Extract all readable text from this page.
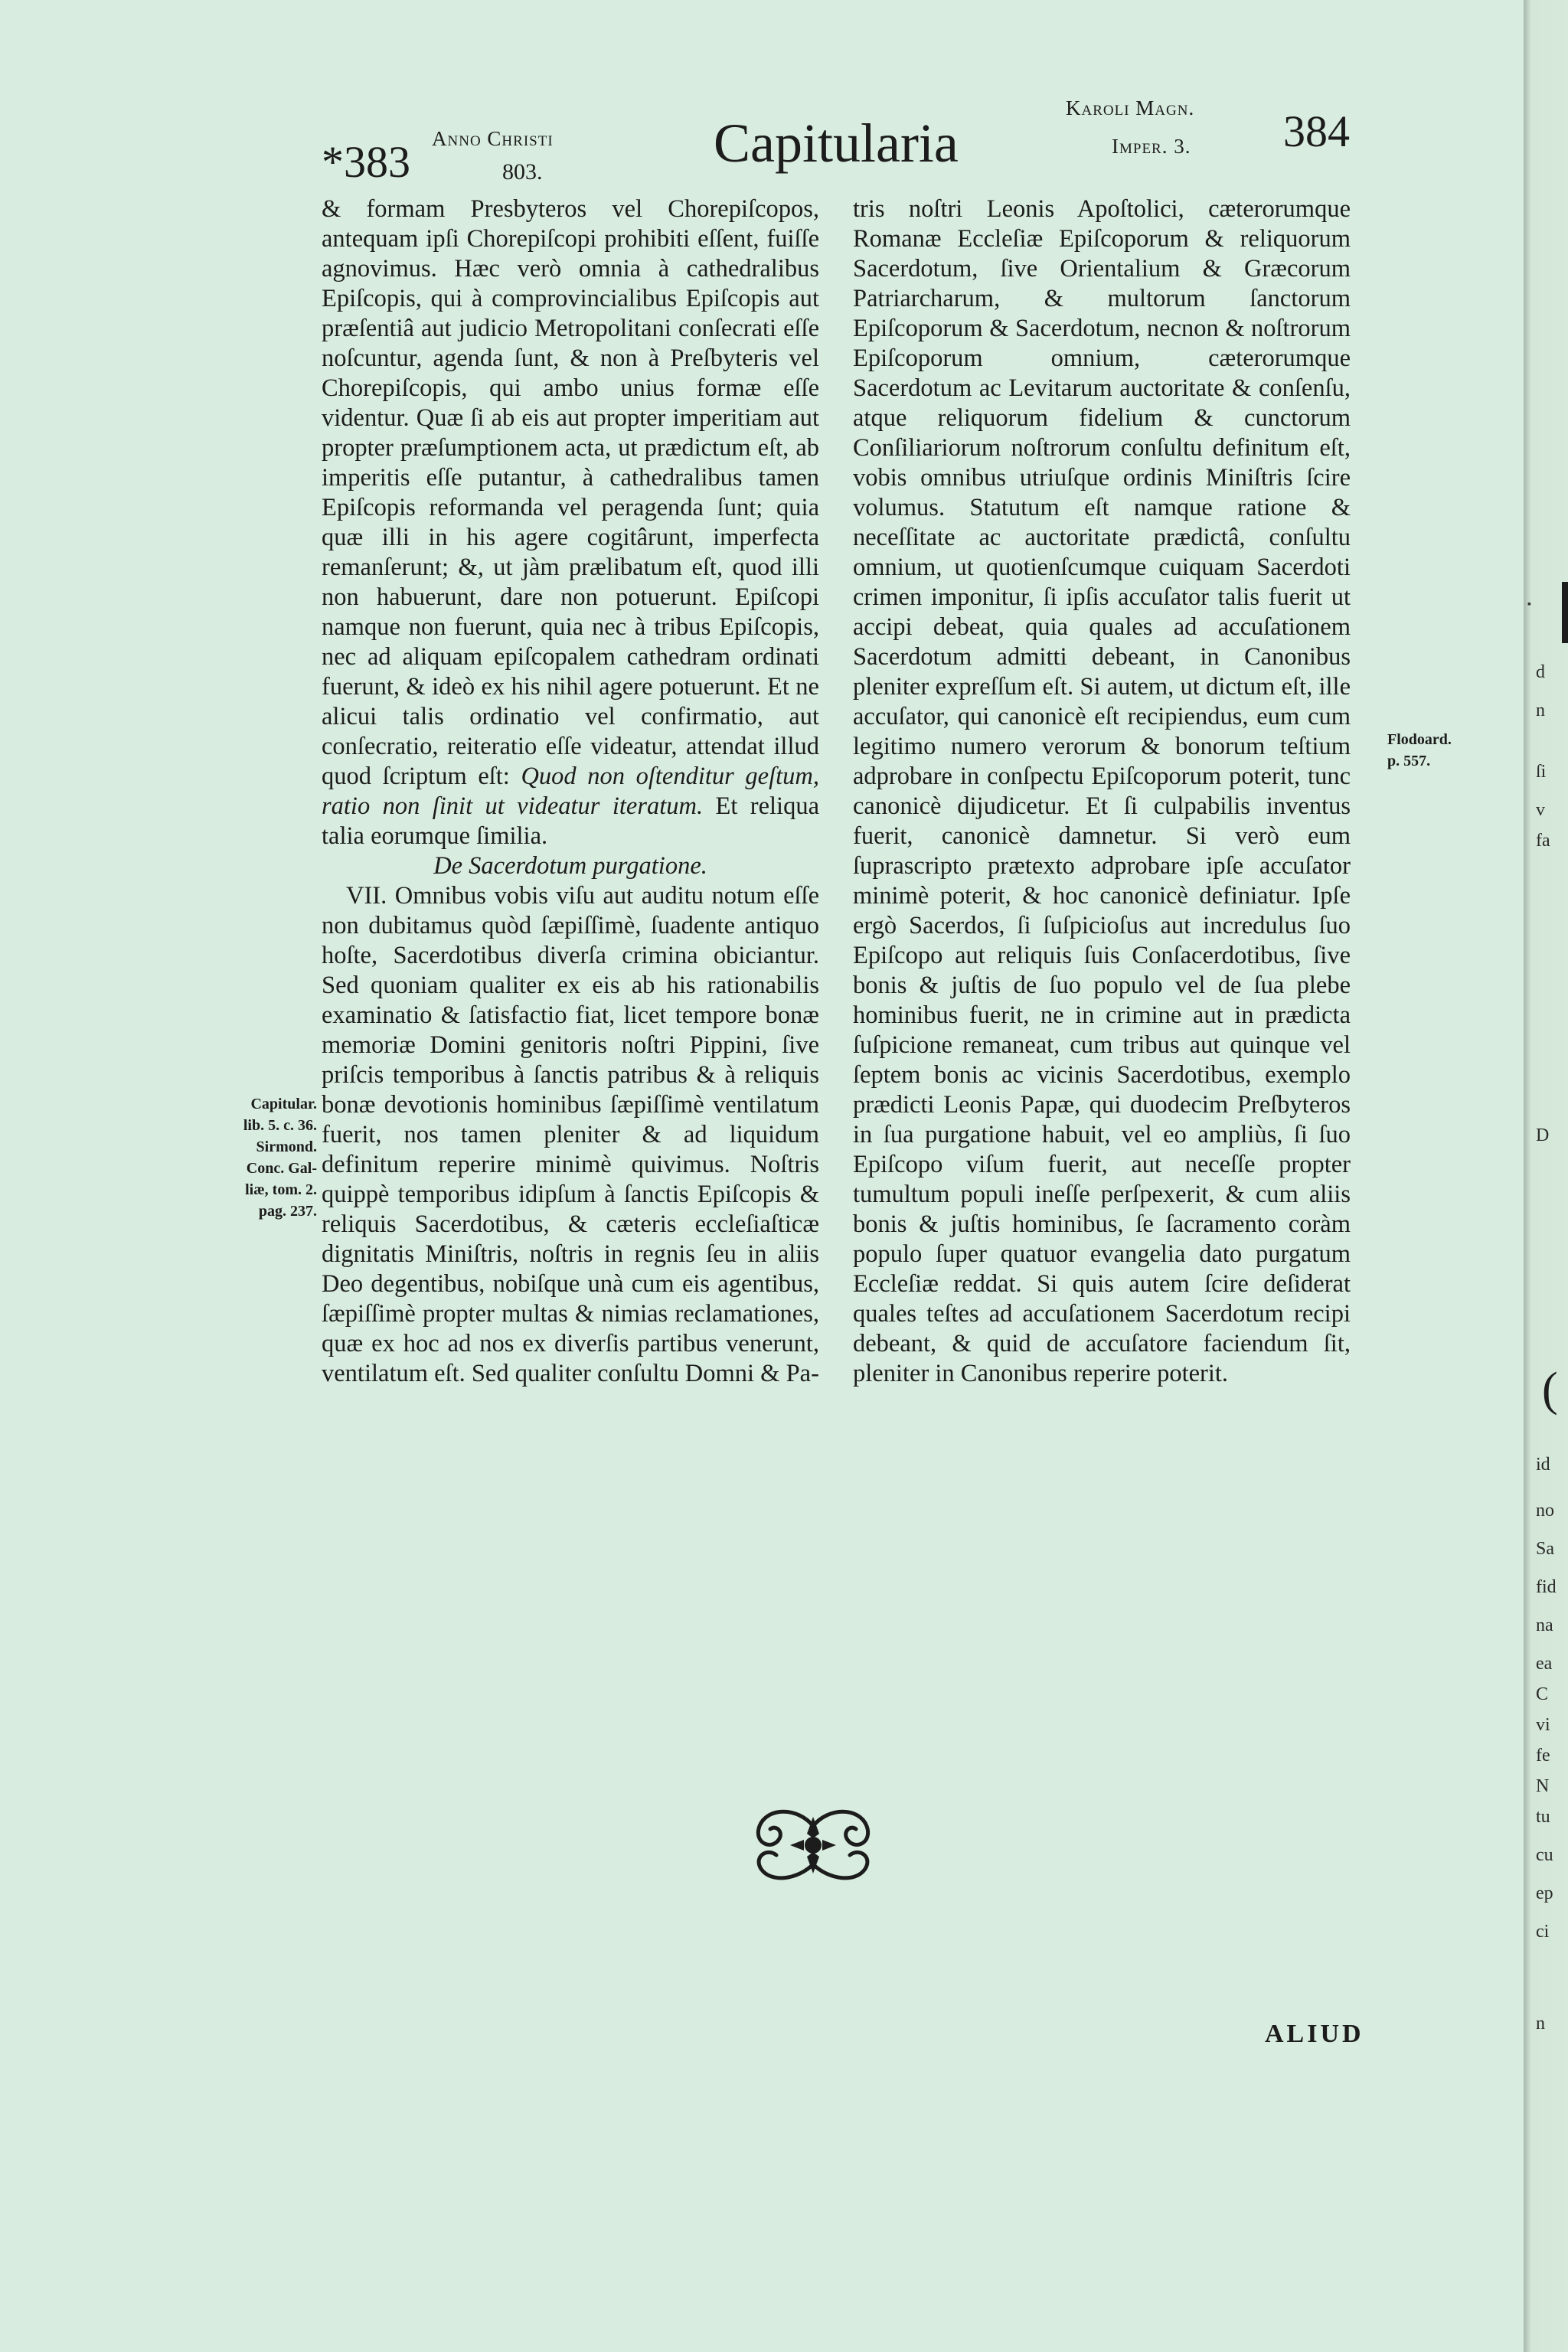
*383 Anno Christi
803.	Capitularia
Karoli Magn.
Imper. 3. 384

& formam Presbyteros vel Chorepiſcopos, antequam ipſi Chorepiſcopi prohibiti eſſent, fuiſſe agnovimus. Hæc verò omnia à cathedralibus Epiſcopis, qui à comprovincialibus Epiſcopis aut præſentiâ aut judicio Metropolitani conſecrati eſſe noſcuntur, agenda ſunt, & non à Preſbyteris vel Chorepiſcopis, qui ambo unius formæ eſſe videntur. Quæ ſi ab eis aut propter imperitiam aut propter præſumptionem acta, ut prædictum eſt, ab imperitis eſſe putantur, à cathedralibus tamen Epiſcopis reformanda vel peragenda ſunt; quia quæ illi in his agere cogitârunt, imperfecta remanſerunt; &, ut jàm prælibatum eſt, quod illi non habuerunt, dare non potuerunt. Epiſcopi namque non fuerunt, quia nec à tribus Epiſcopis, nec ad aliquam epiſcopalem cathedram ordinati fuerunt, & ideò ex his nihil agere potuerunt. Et ne alicui talis ordinatio vel confirmatio, aut conſecratio, reiteratio eſſe videatur, attendat illud quod ſcriptum eſt: Quod non oſtenditur geſtum, ratio non ſinit ut videatur iteratum. Et reliqua talia eorumque ſimilia.

De Sacerdotum purgatione.

VII. Omnibus vobis viſu aut auditu notum eſſe non dubitamus quòd ſæpiſſimè, ſuadente antiquo hoſte, Sacerdotibus diverſa crimina obiciantur. Sed quoniam qualiter ex eis ab his rationabilis examinatio & ſatisfactio fiat, licet tempore bonæ memoriæ Domini genitoris noſtri Pippini, ſive priſcis temporibus à ſanctis patribus & à reliquis bonæ devotionis hominibus ſæpiſſimè ventilatum fuerit, nos tamen pleniter & ad liquidum definitum reperire minimè quivimus. Noſtris quippè temporibus idipſum à ſanctis Epiſcopis & reliquis Sacerdotibus, & cæteris eccleſiaſticæ dignitatis Miniſtris, noſtris in regnis ſeu in aliis Deo degentibus, nobiſque unà cum eis agentibus, ſæpiſſimè propter multas & nimias reclamationes, quæ ex hoc ad nos ex diverſis partibus venerunt, ventilatum eſt. Sed qualiter conſultu Domni & Pa-

tris noſtri Leonis Apoſtolici, cæterorumque Romanæ Eccleſiæ Epiſcoporum & reliquorum Sacerdotum, ſive Orientalium & Græcorum Patriarcharum, & multorum ſanctorum Epiſcoporum & Sacerdotum, necnon & noſtrorum Epiſcoporum omnium, cæterorumque Sacerdotum ac Levitarum auctoritate & conſenſu, atque reliquorum fidelium & cunctorum Conſiliariorum noſtrorum conſultu definitum eſt, vobis omnibus utriuſque ordinis Miniſtris ſcire volumus. Statutum eſt namque ratione & neceſſitate ac auctoritate prædictâ, conſultu omnium, ut quotienſcumque cuiquam Sacerdoti crimen imponitur, ſi ipſis accuſator talis fuerit ut accipi debeat, quia quales ad accuſationem Sacerdotum admitti debeant, in Canonibus pleniter expreſſum eſt. Si autem, ut dictum eſt, ille accuſator, qui canonicè eſt recipiendus, eum cum legitimo numero verorum & bonorum teſtium adprobare in conſpectu Epiſcoporum poterit, tunc canonicè dijudicetur. Et ſi culpabilis inventus fuerit, canonicè damnetur. Si verò eum ſuprascripto prætexto adprobare ipſe accuſator minimè poterit, & hoc canonicè definiatur. Ipſe ergò Sacerdos, ſi ſuſpicioſus aut incredulus ſuo Epiſcopo aut reliquis ſuis Conſacerdotibus, ſive bonis & juſtis de ſuo populo vel de ſua plebe hominibus fuerit, ne in crimine aut in prædicta ſuſpicione remaneat, cum tribus aut quinque vel ſeptem bonis ac vicinis Sacerdotibus, exemplo prædicti Leonis Papæ, qui duodecim Preſbyteros in ſua purgatione habuit, vel eo ampliùs, ſi ſuo Epiſcopo viſum fuerit, aut neceſſe propter tumultum populi ineſſe perſpexerit, & cum aliis bonis & juſtis hominibus, ſe ſacramento coràm populo ſuper quatuor evangelia dato purgatum Eccleſiæ reddat. Si quis autem ſcire deſiderat quales teſtes ad accuſationem Sacerdotum recipi debeant, & quid de accuſatore faciendum ſit, pleniter in Canonibus reperire poterit.

Capitular.
lib. 5. c. 36.
Sirmond.
Conc. Gal-
liæ, tom. 2.
pag. 237.
Flodoard.
p. 557.
ALIUD
▪
(
d
n
ſi
v
fa
D
id
no
Sa
fid
na
ea
C
vi
fe
N
tu
cu
ep
ci
n
